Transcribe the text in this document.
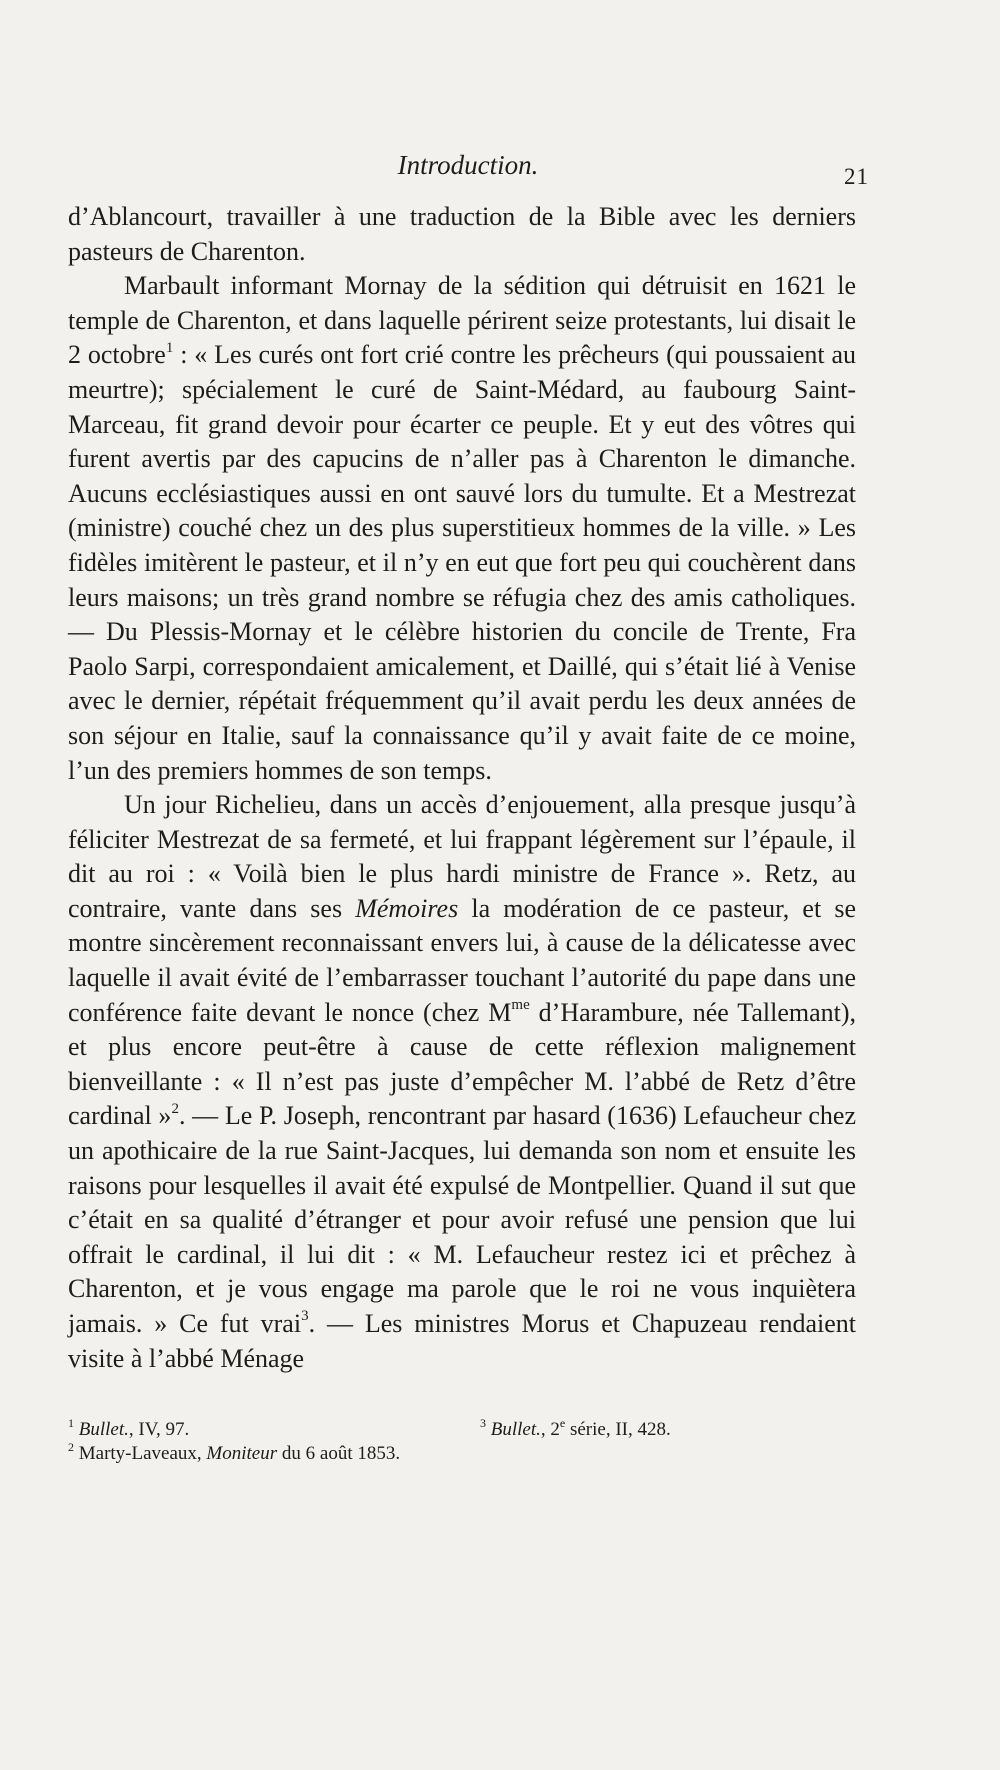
Introduction.	21

d’Ablancourt, travailler à une traduction de la Bible avec les derniers pasteurs de Charenton.

Marbault informant Mornay de la sédition qui détruisit en 1621 le temple de Charenton, et dans laquelle périrent seize protestants, lui disait le 2 octobre$^1$ : « Les curés ont fort crié contre les prêcheurs (qui poussaient au meurtre); spécialement le curé de Saint-Médard, au faubourg Saint-Marceau, fit grand devoir pour écarter ce peuple. Et y eut des vôtres qui furent avertis par des capucins de n’aller pas à Charenton le dimanche. Aucuns ecclésiastiques aussi en ont sauvé lors du tumulte. Et a Mestrezat (ministre) couché chez un des plus superstitieux hommes de la ville. » Les fidèles imitèrent le pasteur, et il n’y en eut que fort peu qui couchèrent dans leurs maisons; un très grand nombre se réfugia chez des amis catholiques. — Du Plessis-Mornay et le célèbre historien du concile de Trente, Fra Paolo Sarpi, correspondaient amicalement, et Daillé, qui s’était lié à Venise avec le dernier, répétait fréquemment qu’il avait perdu les deux années de son séjour en Italie, sauf la connaissance qu’il y avait faite de ce moine, l’un des premiers hommes de son temps.

Un jour Richelieu, dans un accès d’enjouement, alla presque jusqu’à féliciter Mestrezat de sa fermeté, et lui frappant légèrement sur l’épaule, il dit au roi : « Voilà bien le plus hardi ministre de France ». Retz, au contraire, vante dans ses Mémoires la modération de ce pasteur, et se montre sincèrement reconnaissant envers lui, à cause de la délicatesse avec laquelle il avait évité de l’embarrasser touchant l’autorité du pape dans une conférence faite devant le nonce (chez $M^{me}$ d’Harambure, née Tallemant), et plus encore peut-être à cause de cette réflexion malignement bienveillante : « Il n’est pas juste d’empêcher M. l’abbé de Retz d’être cardinal »$^2$. — Le P. Joseph, rencontrant par hasard (1636) Lefaucheur chez un apothicaire de la rue Saint-Jacques, lui demanda son nom et ensuite les raisons pour lesquelles il avait été expulsé de Montpellier. Quand il sut que c’était en sa qualité d’étranger et pour avoir refusé une pension que lui offrait le cardinal, il lui dit : « M. Lefaucheur restez ici et prêchez à Charenton, et je vous engage ma parole que le roi ne vous inquiètera jamais. » Ce fut vrai$^3$. — Les ministres Morus et Chapuzeau rendaient visite à l’abbé Ménage

$^1$ Bullet., IV, 97.

$^2$ Marty-Laveaux, Moniteur du 6 août 1853.

$^3$ Bullet., 2e série, II, 428.
